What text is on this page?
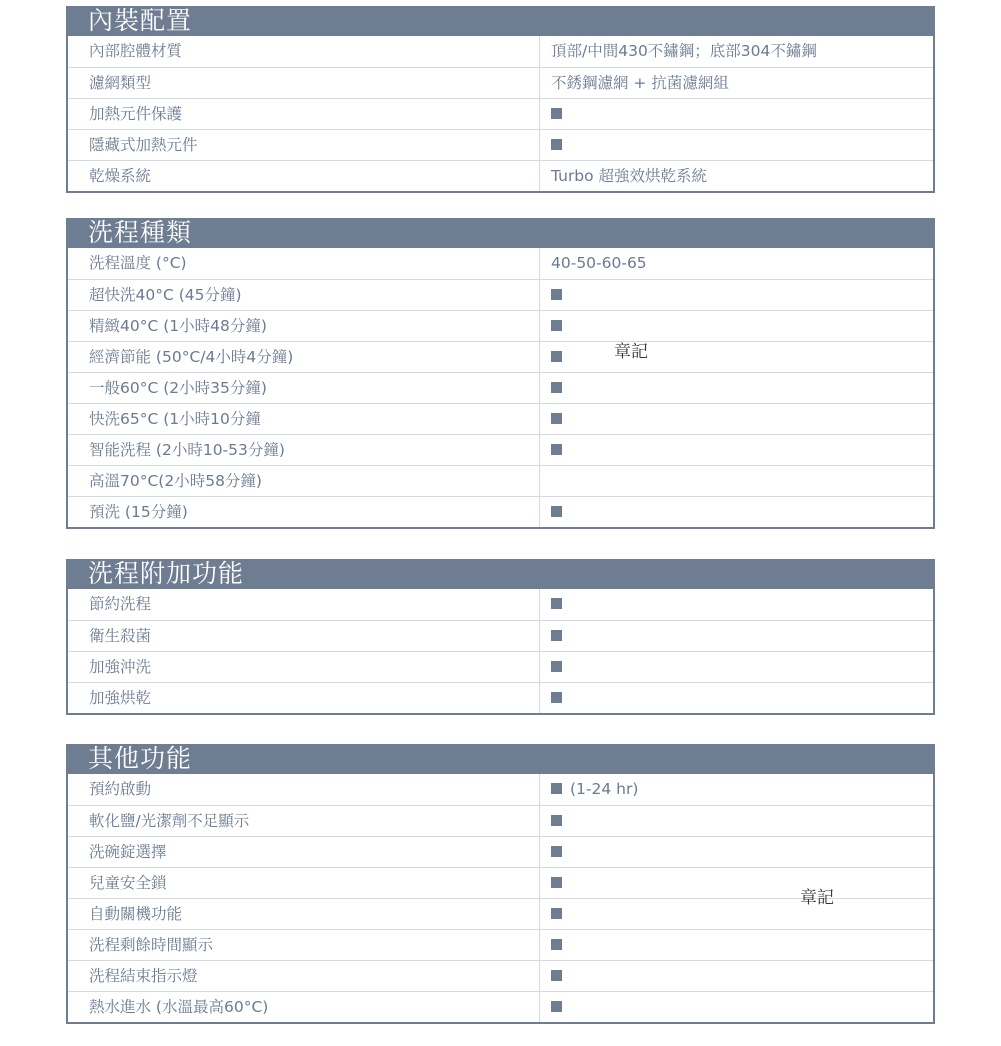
內裝配置
內部腔體材質	頂部/中間430不鏽鋼；底部304不鏽鋼
濾網類型	不銹鋼濾網 + 抗菌濾網組
加熱元件保護
隱藏式加熱元件
乾燥系統	Turbo 超強效烘乾系統
洗程種類
洗程溫度 (°C)	40-50-60-65
超快洗40°C (45分鐘)
精緻40°C (1小時48分鐘)
經濟節能 (50°C/4小時4分鐘)
一般60°C (2小時35分鐘)
快洗65°C (1小時10分鐘
智能洗程 (2小時10-53分鐘)
高溫70°C(2小時58分鐘)
預洗 (15分鐘)
洗程附加功能
節約洗程
衛生殺菌
加強沖洗
加強烘乾
其他功能
預約啟動	(1-24 hr)
軟化鹽/光潔劑不足顯示
洗碗錠選擇
兒童安全鎖
自動關機功能
洗程剩餘時間顯示
洗程結束指示燈
熱水進水 (水溫最高60°C)
章記
章記
